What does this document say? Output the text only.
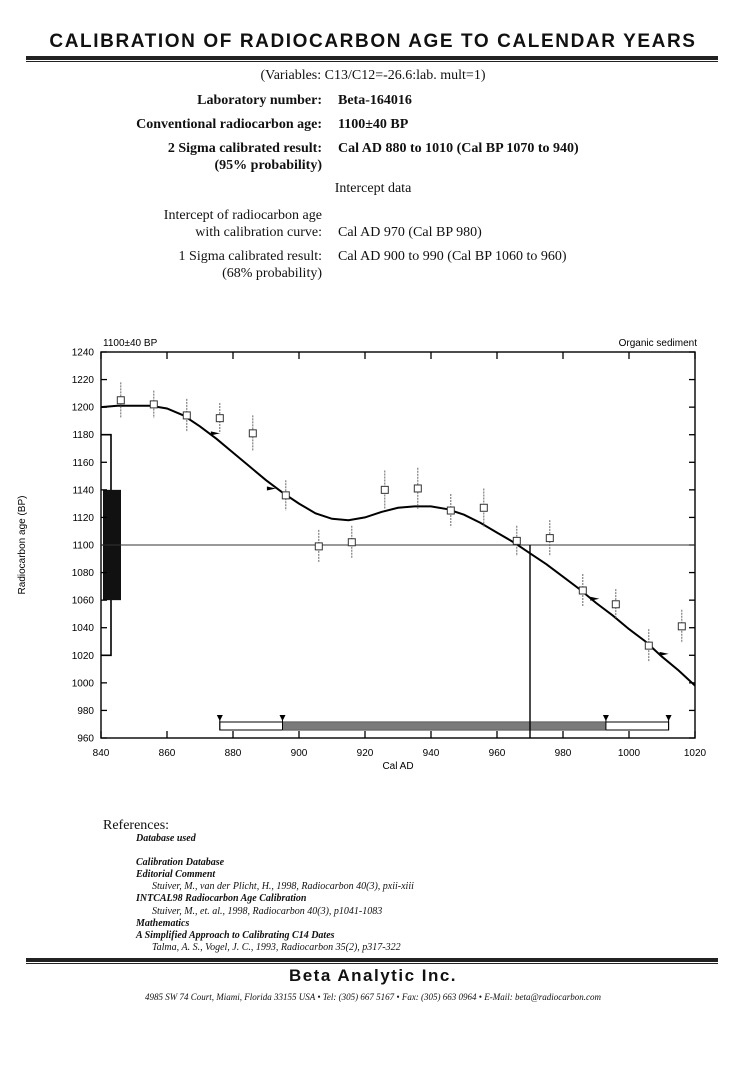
CALIBRATION OF RADIOCARBON AGE TO CALENDAR YEARS
(Variables: C13/C12=-26.6:lab. mult=1)
Laboratory number: Beta-164016
Conventional radiocarbon age: 1100±40 BP
2 Sigma calibrated result:
(95% probability)
Cal AD 880 to 1010 (Cal BP 1070 to 940)
Intercept data
Intercept of radiocarbon age
with calibration curve: Cal AD 970 (Cal BP 980)
1 Sigma calibrated result:
(68% probability)
Cal AD 900 to 990 (Cal BP 1060 to 960)
840	860	880	900	920	940	960	980	1000	1020
960
980
1000
1020
1040
1060
1080
1100
1120
1140
1160
1180
1200
1220
1240
1100±40 BP	Organic sediment
Cal AD
Radiocarbon age (BP)
References:
Database used
Calibration Database
Editorial Comment
Stuiver, M., van der Plicht, H., 1998, Radiocarbon 40(3), pxii-xiii
INTCAL98 Radiocarbon Age Calibration
Stuiver, M., et. al., 1998, Radiocarbon 40(3), p1041-1083
Mathematics
A Simplified Approach to Calibrating C14 Dates
Talma, A. S., Vogel, J. C., 1993, Radiocarbon 35(2), p317-322
Beta Analytic Inc.
4985 SW 74 Court, Miami, Florida 33155 USA • Tel: (305) 667 5167 • Fax: (305) 663 0964 • E-Mail: beta@radiocarbon.com
